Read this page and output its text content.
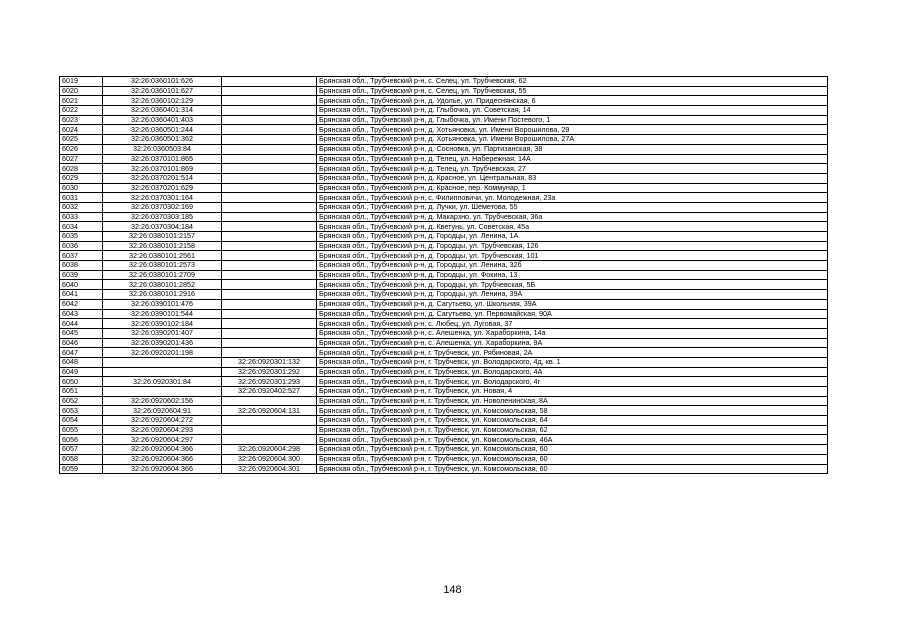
6019	32:26:0360101:626		Брянская обл., Трубчевский р-н, с. Селец, ул. Трубчевская, 62
6020	32:26:0360101:627		Брянская обл., Трубчевский р-н, с. Селец, ул. Трубчевская, 55
6021	32:26:0360102:129		Брянская обл., Трубчевский р-н, д. Удолье, ул. Придеснянская, 6
6022	32:26:0360401:314		Брянская обл., Трубчевский р-н, д. Глыбочка, ул. Советская, 14
6023	32:26:0360401:403		Брянская обл., Трубчевский р-н, д. Глыбочка, ул. Имени Постевого, 1
6024	32:26:0360501:244		Брянская обл., Трубчевский р-н, д. Хотьяновка, ул. Имени Ворошилова, 29
6025	32:26:0360501:362		Брянская обл., Трубчевский р-н, д. Хотьяновка, ул. Имени Ворошилова, 27А
6026	32:26:0360503:84		Брянская обл., Трубчевский р-н, д. Сосновка, ул. Партизанская, 38
6027	32:26:0370101:865		Брянская обл., Трубчевский р-н, д. Телец, ул. Набережная, 14А
6028	32:26:0370101:869		Брянская обл., Трубчевский р-н, д. Телец, ул. Трубчевская, 27
6029	32:26:0370201:514		Брянская обл., Трубчевский р-н, д. Красное, ул. Центральная, 83
6030	32:26:0370201:629		Брянская обл., Трубчевский р-н, д. Красное, пер. Коммунар, 1
6031	32:26:0370301:164		Брянская обл., Трубчевский р-н, с. Филипповичи, ул. Молодежная, 23а
6032	32:26:0370302:169		Брянская обл., Трубчевский р-н, д. Лучки, ул. Шеметова, 55
6033	32:26:0370303:185		Брянская обл., Трубчевский р-н, д. Макарзно, ул. Трубчевская, 36а
6034	32:26:0370304:184		Брянская обл., Трубчевский р-н, д. Кветунь, ул. Советская, 45а
6035	32:26:0380101:2157		Брянская обл., Трубчевский р-н, д. Городцы, ул. Ленина, 1А
6036	32:26:0380101:2158		Брянская обл., Трубчевский р-н, д. Городцы, ул. Трубчевская, 126
6037	32:26:0380101:2561		Брянская обл., Трубчевский р-н, д. Городцы, ул. Трубчевская, 101
6038	32:26:0380101:2573		Брянская обл., Трубчевский р-н, д. Городцы, ул. Ленина, 32б
6039	32:26:0380101:2709		Брянская обл., Трубчевский р-н, д. Городцы, ул. Фокина, 13
6040	32:26:0380101:2852		Брянская обл., Трубчевский р-н, д. Городцы, ул. Трубчевская, 5Б
6041	32:26:0380101:2916		Брянская обл., Трубчевский р-н, д. Городцы, ул. Ленина, 39А
6042	32:26:0390101:476		Брянская обл., Трубчевский р-н, д. Сагутьево, ул. Школьная, 39А
6043	32:26:0390101:544		Брянская обл., Трубчевский р-н, д. Сагутьево, ул. Первомайская, 90А
6044	32:26:0390102:184		Брянская обл., Трубчевский р-н, с. Любец, ул. Луговая, 37
6045	32:26:0390201:407		Брянская обл., Трубчевский р-н, с. Алешенка, ул. Хараборкина, 14а
6046	32:26:0390201:436		Брянская обл., Трубчевский р-н, с. Алешенка, ул. Хараборкина, 9А
6047	32:26:0920201:198		Брянская обл., Трубчевский р-н, г. Трубчевск, ул. Рябиновая, 2А
6048		32:26:0920301:132	Брянская обл., Трубчевский р-н, г. Трубчевск, ул. Володарского, 4д, кв. 1
6049		32:26:0920301:292	Брянская обл., Трубчевский р-н, г. Трубчевск, ул. Володарского, 4А
6050	32:26:0920301:84	32:26:0920301:293	Брянская обл., Трубчевский р-н, г. Трубчевск, ул. Володарского, 4г
6051		32:26:0920402:527	Брянская обл., Трубчевский р-н, г. Трубчевск, ул. Новая, 4
6052	32:26:0920602:156		Брянская обл., Трубчевский р-н, г. Трубчевск, ул. Новоленинская, 8А
6053	32:26:0920604:91	32:26:0920604:131	Брянская обл., Трубчевский р-н, г. Трубчевск, ул. Комсомольская, 58
6054	32:26:0920604:272		Брянская обл., Трубчевский р-н, г. Трубчевск, ул. Комсомольская, 64
6055	32:26:0920604:293		Брянская обл., Трубчевский р-н, г. Трубчевск, ул. Комсомольская, 62
6056	32:26:0920604:297		Брянская обл., Трубчевский р-н, г. Трубчевск, ул. Комсомольская, 46А
6057	32:26:0920604:366	32:26:0920604:298	Брянская обл., Трубчевский р-н, г. Трубчевск, ул. Комсомольская, 60
6058	32:26:0920604:366	32:26:0920604:300	Брянская обл., Трубчевский р-н, г. Трубчевск, ул. Комсомольская, 60
6059	32:26:0920604:366	32:26:0920604:301	Брянская обл., Трубчевский р-н, г. Трубчевск, ул. Комсомольская, 60
148
